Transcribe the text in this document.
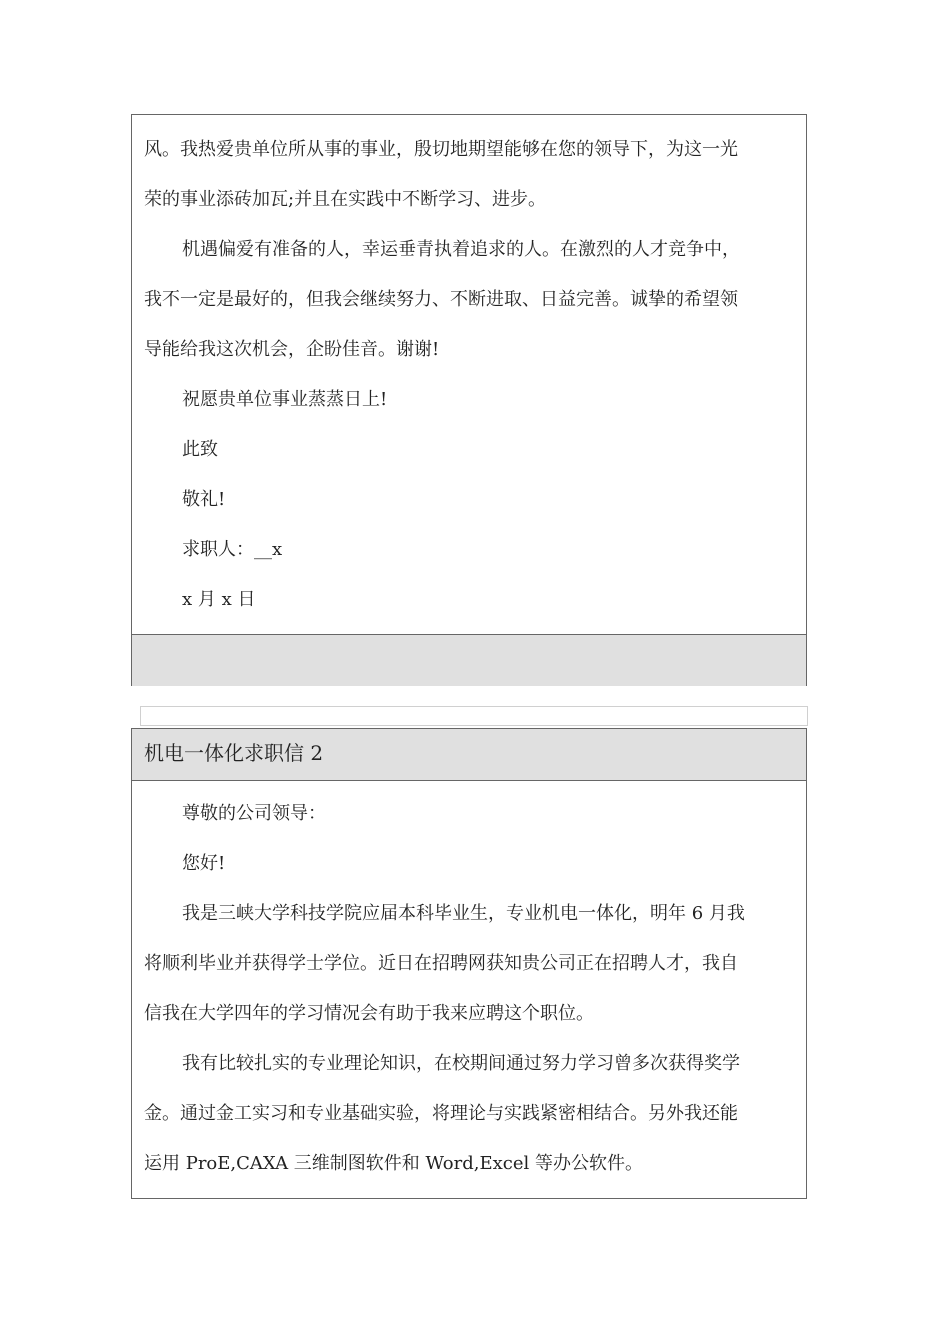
风。我热爱贵单位所从事的事业，殷切地期望能够在您的领导下，为这一光

荣的事业添砖加瓦;并且在实践中不断学习、进步。

机遇偏爱有准备的人，幸运垂青执着追求的人。在激烈的人才竞争中，

我不一定是最好的，但我会继续努力、不断进取、日益完善。诚挚的希望领

导能给我这次机会，企盼佳音。谢谢!

祝愿贵单位事业蒸蒸日上!

此致

敬礼!

求职人：__x

x 月 x 日

机电一体化求职信 2

尊敬的公司领导：

您好!

我是三峡大学科技学院应届本科毕业生，专业机电一体化，明年 6 月我

将顺利毕业并获得学士学位。近日在招聘网获知贵公司正在招聘人才，我自

信我在大学四年的学习情况会有助于我来应聘这个职位。

我有比较扎实的专业理论知识，在校期间通过努力学习曾多次获得奖学

金。通过金工实习和专业基础实验，将理论与实践紧密相结合。另外我还能

运用 ProE,CAXA 三维制图软件和 Word,Excel 等办公软件。
